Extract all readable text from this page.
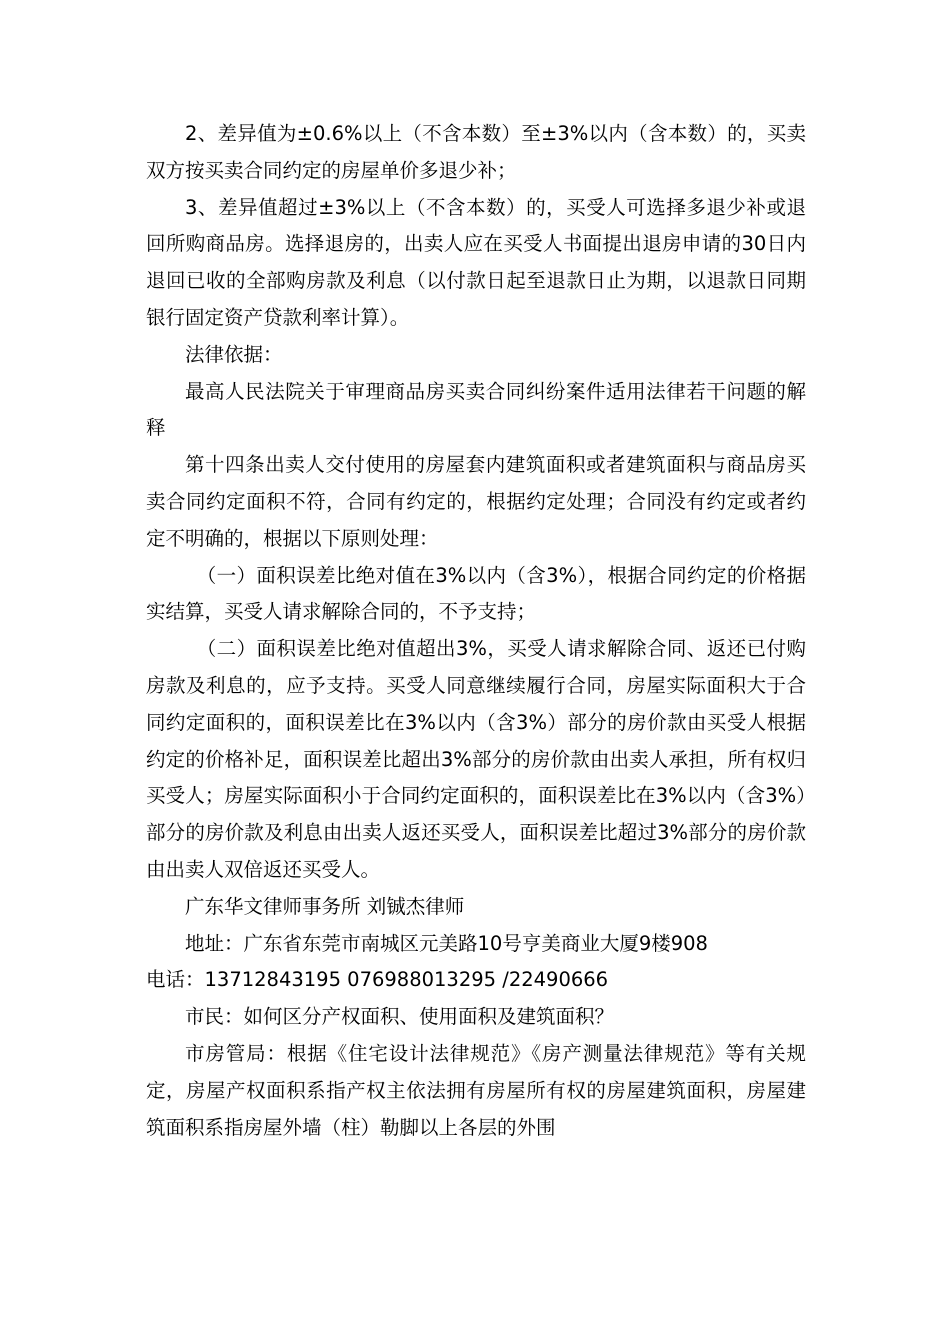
2、差异值为±0.6%以上（不含本数）至±3%以内（含本数）的，买卖双方按买卖合同约定的房屋单价多退少补；

3、差异值超过±3%以上（不含本数）的，买受人可选择多退少补或退回所购商品房。选择退房的，出卖人应在买受人书面提出退房申请的30日内退回已收的全部购房款及利息（以付款日起至退款日止为期，以退款日同期银行固定资产贷款利率计算）。

法律依据：

最高人民法院关于审理商品房买卖合同纠纷案件适用法律若干问题的解释

第十四条出卖人交付使用的房屋套内建筑面积或者建筑面积与商品房买卖合同约定面积不符，合同有约定的，根据约定处理；合同没有约定或者约定不明确的，根据以下原则处理：

（一）面积误差比绝对值在3%以内（含3%），根据合同约定的价格据实结算，买受人请求解除合同的，不予支持；

（二）面积误差比绝对值超出3%，买受人请求解除合同、返还已付购房款及利息的，应予支持。买受人同意继续履行合同，房屋实际面积大于合同约定面积的，面积误差比在3%以内（含3%）部分的房价款由买受人根据约定的价格补足，面积误差比超出3%部分的房价款由出卖人承担，所有权归买受人；房屋实际面积小于合同约定面积的，面积误差比在3%以内（含3%）部分的房价款及利息由出卖人返还买受人，面积误差比超过3%部分的房价款由出卖人双倍返还买受人。

广东华文律师事务所 刘铖杰律师

地址：广东省东莞市南城区元美路10号亨美商业大厦9楼908

电话：13712843195 076988013295 /22490666

市民：如何区分产权面积、使用面积及建筑面积？

市房管局：根据《住宅设计法律规范》《房产测量法律规范》等有关规定，房屋产权面积系指产权主依法拥有房屋所有权的房屋建筑面积，房屋建筑面积系指房屋外墙（柱）勒脚以上各层的外围
